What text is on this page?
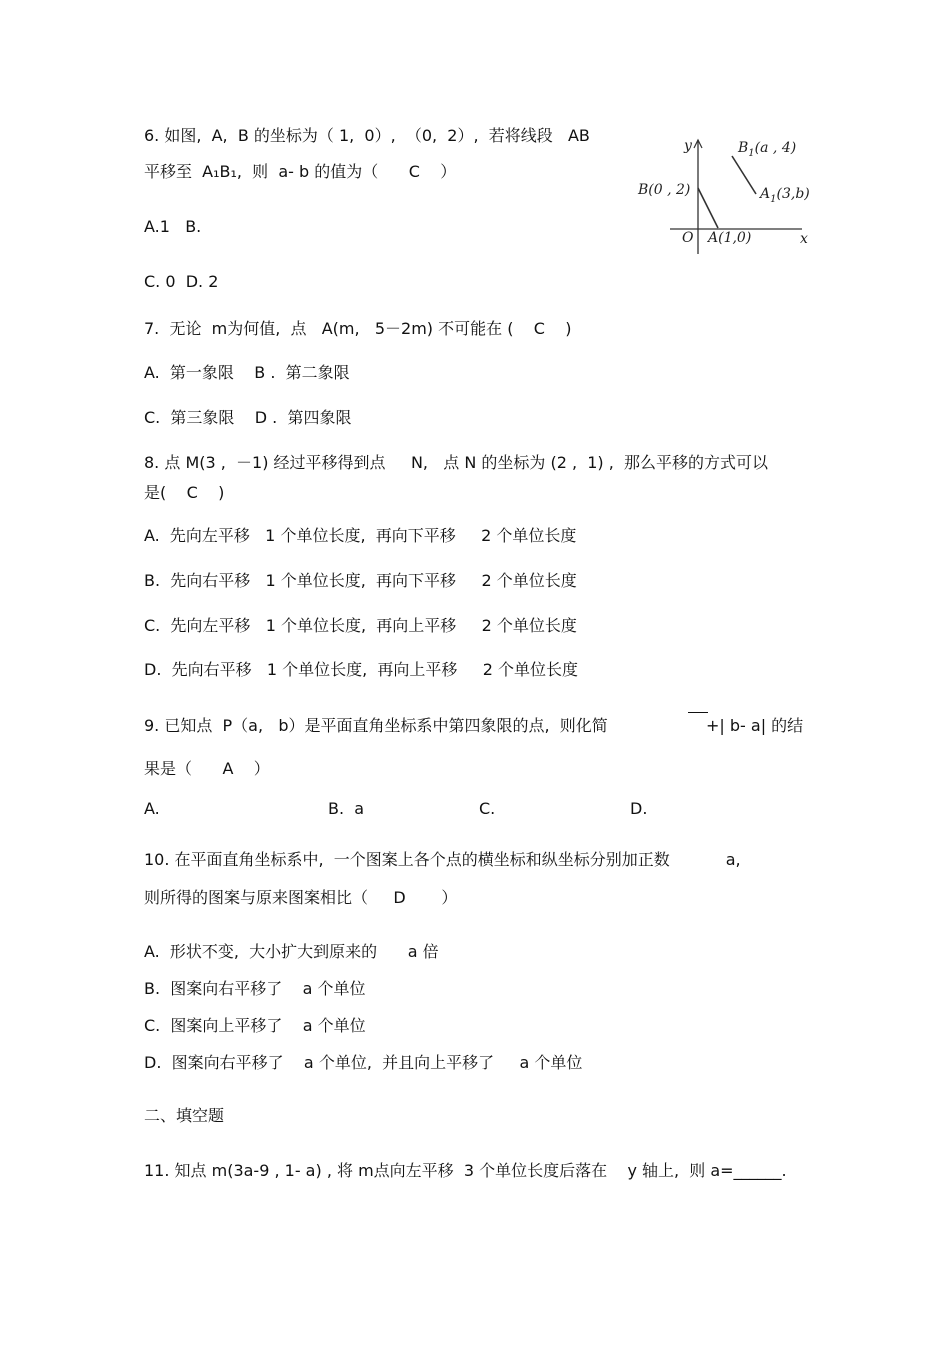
6. 如图,  A,  B 的坐标为（ 1,  0）,  （0,  2）,  若将线段   AB
平移至  A₁B₁,  则  a- b 的值为（      C    ）
A.1   B.
C. 0  D. 2
y
x
O
B(0 , 2)
A(1,0)
$B_1(a$ , 4)
$A_1(3,b)$
7.  无论  m为何值,  点   A(m,   5－2m) 不可能在 (    C    )
A.  第一象限    B .  第二象限
C.  第三象限    D .  第四象限
8. 点 M(3 ,  －1) 经过平移得到点     N,   点 N 的坐标为 (2 ,  1) ,  那么平移的方式可以
是(    C    )
A.  先向左平移   1 个单位长度,  再向下平移     2 个单位长度
B.  先向右平移   1 个单位长度,  再向下平移     2 个单位长度
C.  先向左平移   1 个单位长度,  再向上平移     2 个单位长度
D.  先向右平移   1 个单位长度,  再向上平移     2 个单位长度
9. 已知点  P（a,   b）是平面直角坐标系中第四象限的点,  则化简	+| b- a| 的结
果是（      A    ）
A.	B.  a	C.	D.
10. 在平面直角坐标系中,  一个图案上各个点的横坐标和纵坐标分别加正数           a,
则所得的图案与原来图案相比（     D       ）
A.  形状不变,  大小扩大到原来的      a 倍
B.  图案向右平移了    a 个单位
C.  图案向上平移了    a 个单位
D.  图案向右平移了    a 个单位,  并且向上平移了     a 个单位
二、填空题
11. 知点 m(3a-9 , 1- a) , 将 m点向左平移  3 个单位长度后落在    y 轴上,  则 a=______.
